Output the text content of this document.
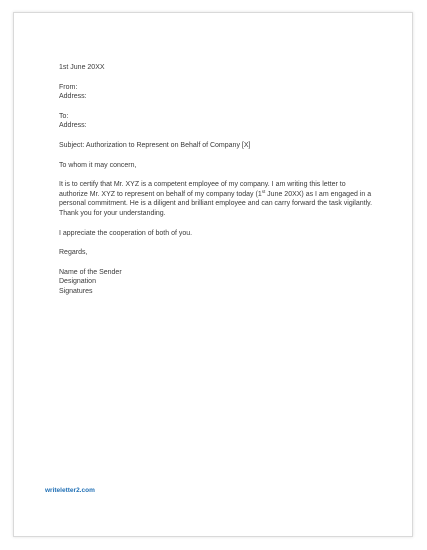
1st June 20XX
From:
Address:
To:
Address:
Subject: Authorization to Represent on Behalf of Company [X]
To whom it may concern,
It is to certify that Mr. XYZ is a competent employee of my company. I am writing this letter to authorize Mr. XYZ to represent on behalf of my company today (1st June 20XX) as I am engaged in a personal commitment. He is a diligent and brilliant employee and can carry forward the task vigilantly. Thank you for your understanding.
I appreciate the cooperation of both of you.
Regards,
Name of the Sender
Designation
Signatures
writeletter2.com
